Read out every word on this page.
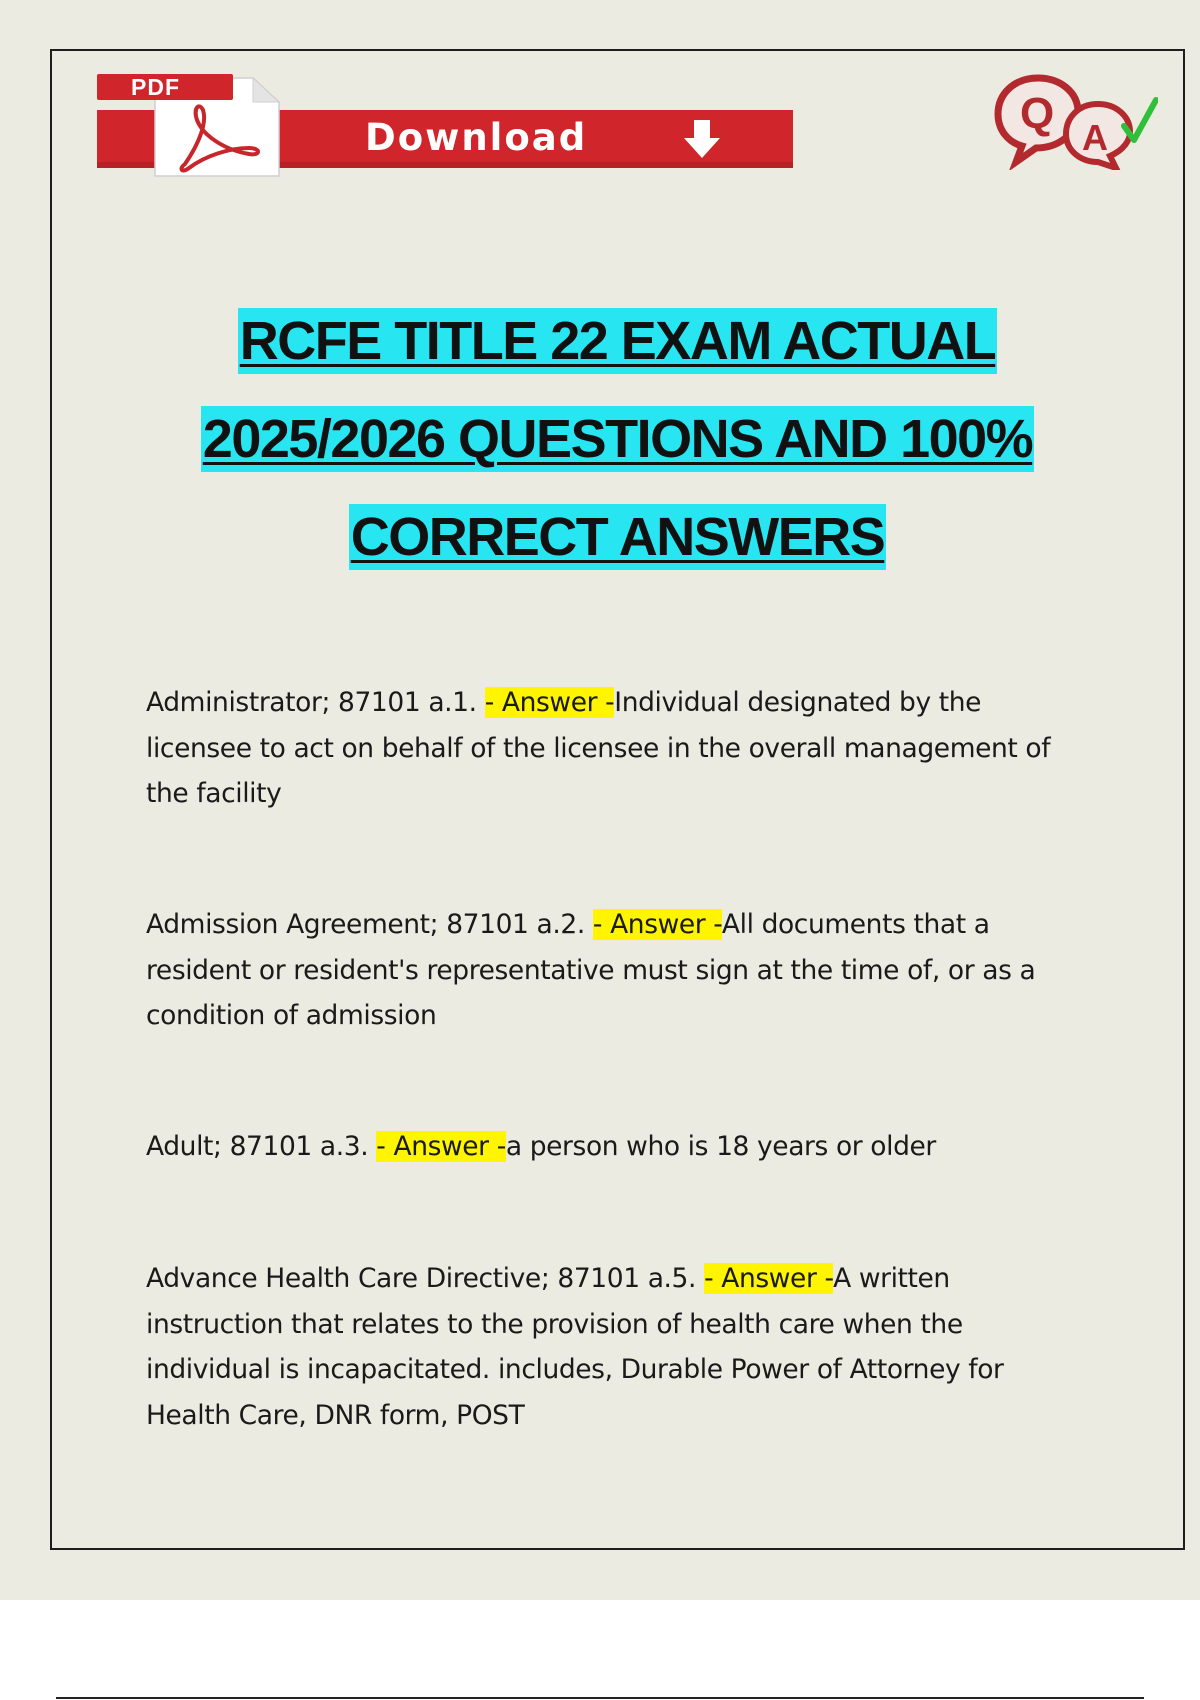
PDF
Download	Q A
RCFE TITLE 22 EXAM ACTUAL
2025/2026 QUESTIONS AND 100%
CORRECT ANSWERS

Administrator; 87101 a.1. - Answer -Individual designated by the licensee to act on behalf of the licensee in the overall management of the facility

Admission Agreement; 87101 a.2. - Answer -All documents that a resident or resident's representative must sign at the time of, or as a condition of admission

Adult; 87101 a.3. - Answer -a person who is 18 years or older

Advance Health Care Directive; 87101 a.5. - Answer -A written instruction that relates to the provision of health care when the individual is incapacitated. includes, Durable Power of Attorney for Health Care, DNR form, POST
